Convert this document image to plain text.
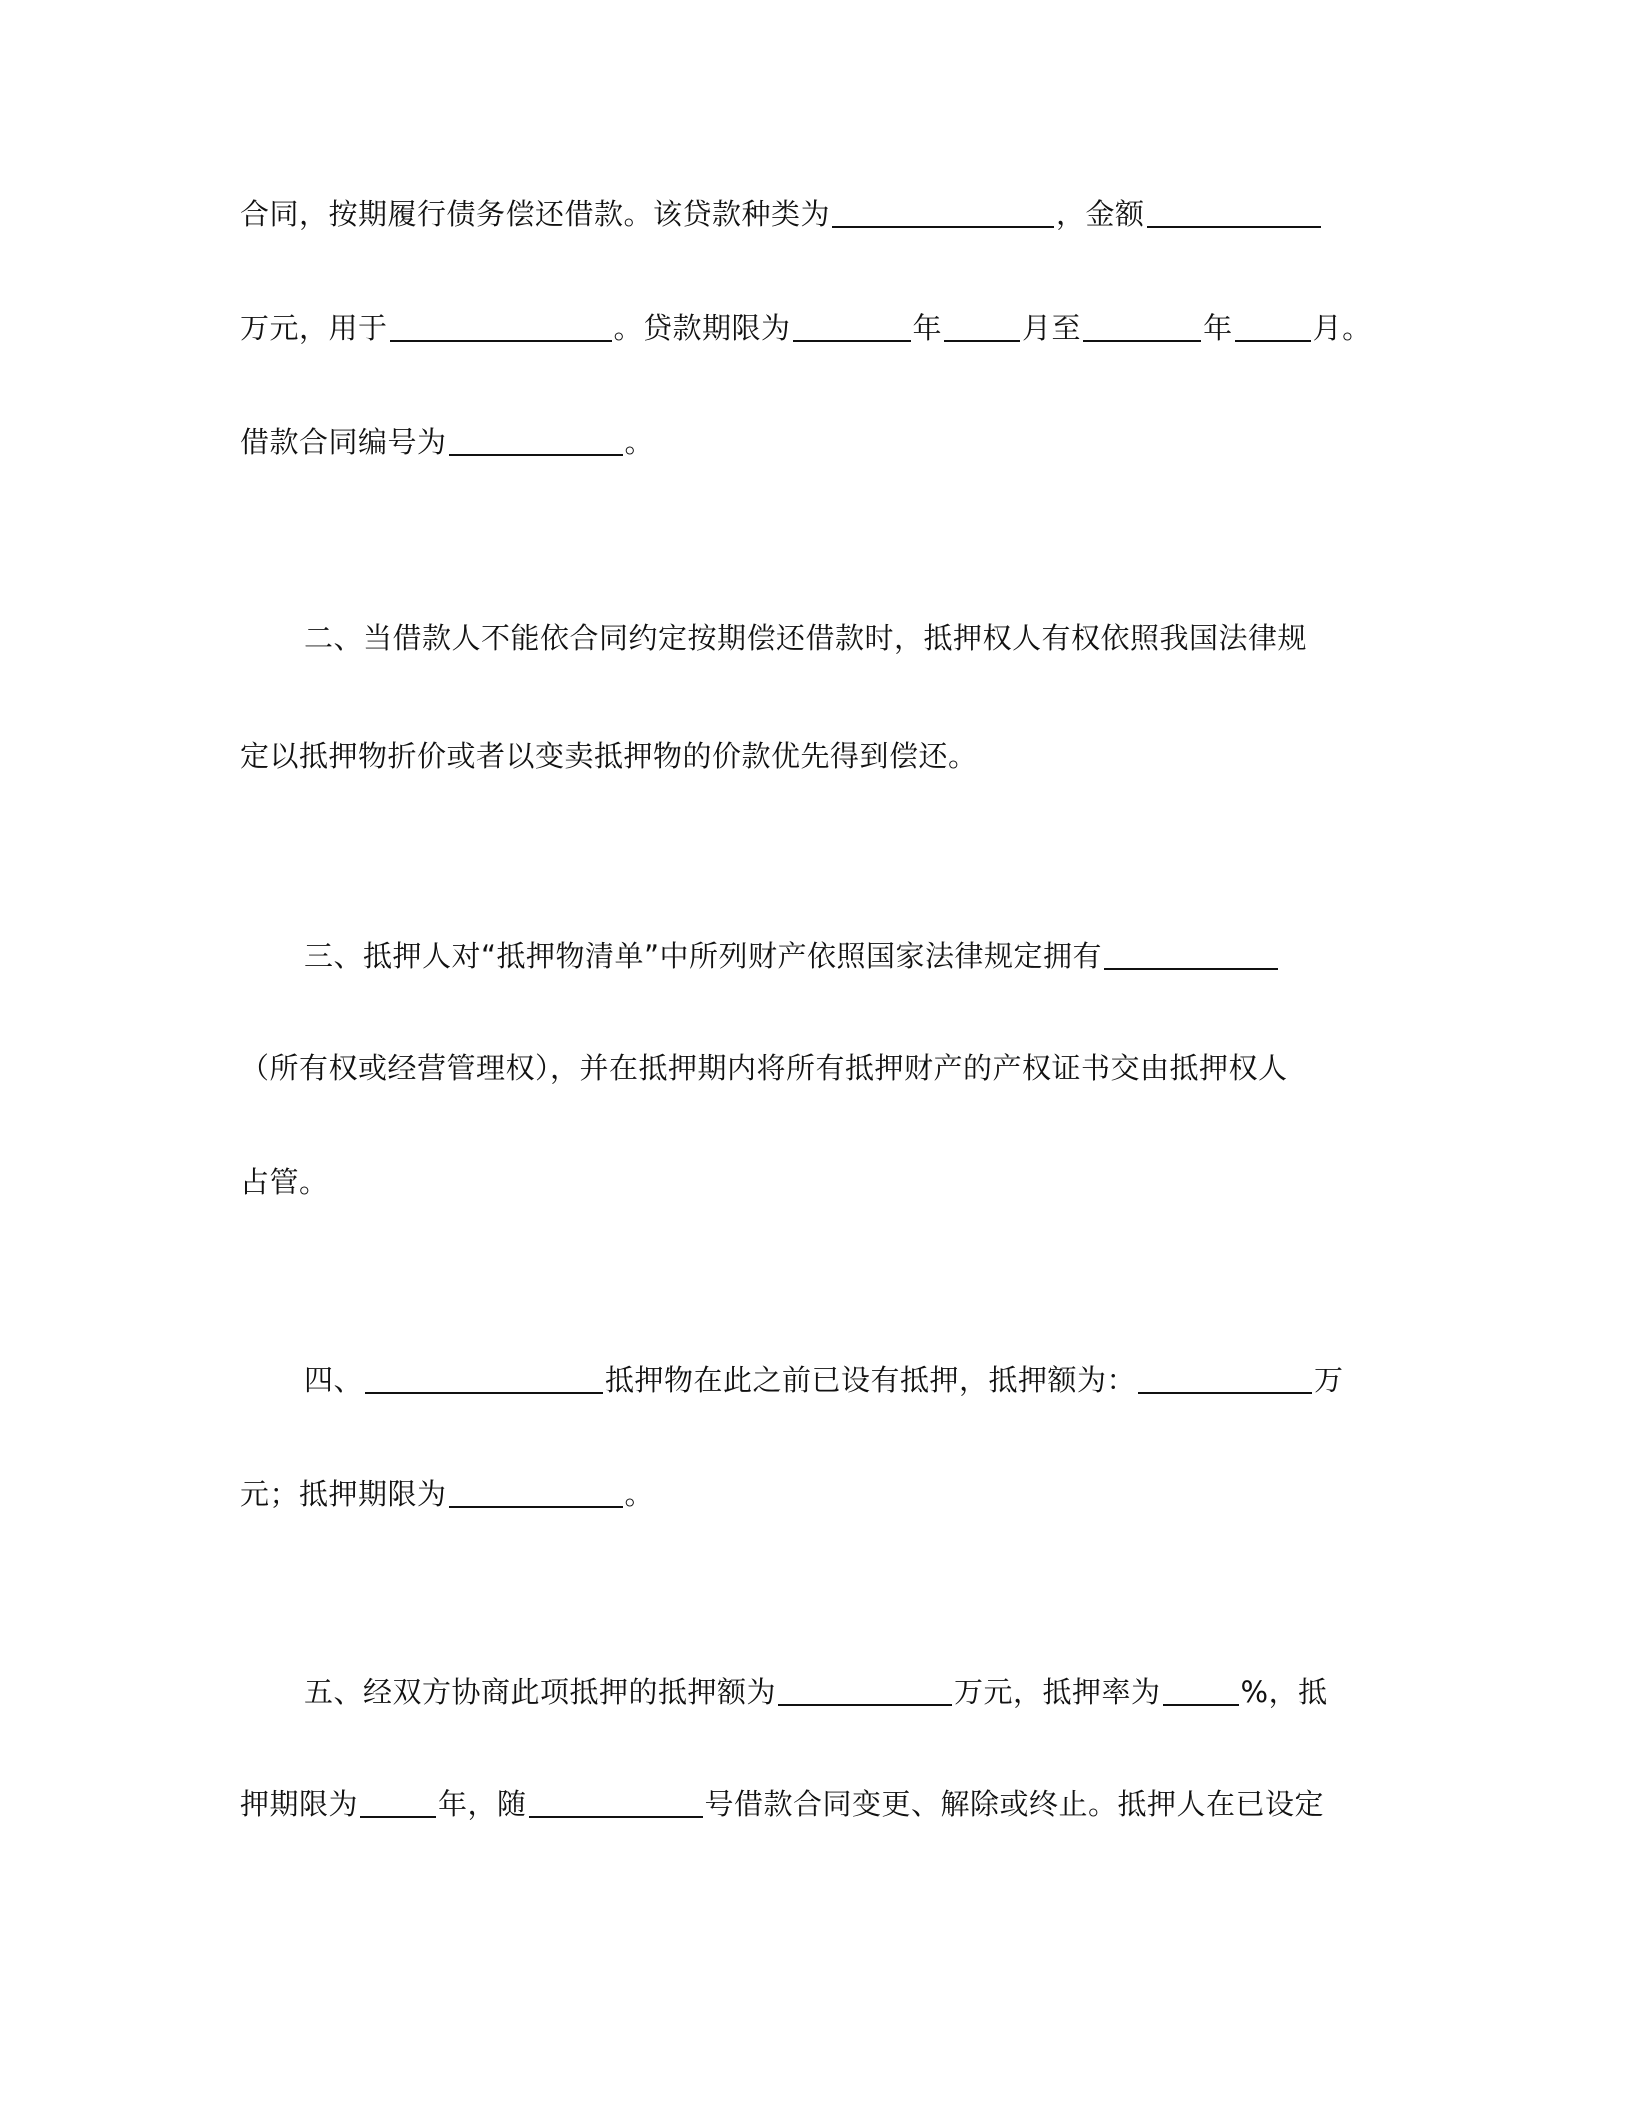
合同，按期履行债务偿还借款。该贷款种类为	，金额
万元，用于	。贷款期限为	年	月至	年	月。
借款合同编号为	。
二、当借款人不能依合同约定按期偿还借款时，抵押权人有权依照我国法律规
定以抵押物折价或者以变卖抵押物的价款优先得到偿还。
三、抵押人对“抵押物清单”中所列财产依照国家法律规定拥有
（所有权或经营管理权），并在抵押期内将所有抵押财产的产权证书交由抵押权人
占管。
四、	抵押物在此之前已设有抵押，抵押额为：	万
元；抵押期限为	。
五、经双方协商此项抵押的抵押额为	万元，抵押率为	%，抵
押期限为	年，随	号借款合同变更、解除或终止。抵押人在已设定
